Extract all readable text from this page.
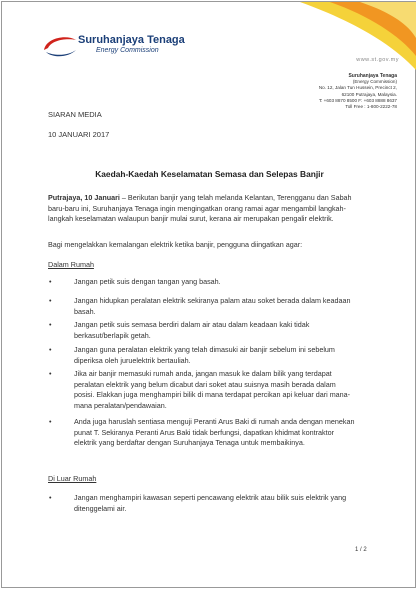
Suruhanjaya Tenaga
Energy Commission
www.st.gov.my
Suruhanjaya Tenaga
(Energy Commission)
No. 12, Jalan Tun Hussein, Precinct 2,
62100 Putrajaya, Malaysia.
T: +603 8870 8500 F: +603 8888 8637
Toll Free : 1-800-2222-78
SIARAN MEDIA
10 JANUARI 2017
Kaedah-Kaedah Keselamatan Semasa dan Selepas Banjir
Putrajaya, 10 Januari – Berikutan banjir yang telah melanda Kelantan, Terengganu dan Sabah
baru-baru ini, Suruhanjaya Tenaga ingin mengingatkan orang ramai agar mengambil langkah-
langkah keselamatan walaupun banjir mulai surut, kerana air merupakan pengalir elektrik.
Bagi mengelakkan kemalangan elektrik ketika banjir, pengguna diingatkan agar:
Dalam Rumah
•	Jangan petik suis dengan tangan yang basah.
•	Jangan hidupkan peralatan elektrik sekiranya palam atau soket berada dalam keadaan
basah.
•	Jangan petik suis semasa berdiri dalam air atau dalam keadaan kaki tidak
berkasut/berlapik getah.
•	Jangan guna peralatan elektrik yang telah dimasuki air banjir sebelum ini sebelum
diperiksa oleh juruelektrik bertauliah.
•	Jika air banjir memasuki rumah anda, jangan masuk ke dalam bilik yang terdapat
peralatan elektrik yang belum dicabut dari soket atau suisnya masih berada dalam
posisi. Elakkan juga menghampiri bilik di mana terdapat percikan api keluar dari mana-
mana peralatan/pendawaian.
•	Anda juga haruslah sentiasa menguji Peranti Arus Baki di rumah anda dengan menekan
punat T. Sekiranya Peranti Arus Baki tidak berfungsi, dapatkan khidmat kontraktor
elektrik yang berdaftar dengan Suruhanjaya Tenaga untuk membaikinya.
Di Luar Rumah
•	Jangan menghampiri kawasan seperti pencawang elektrik atau bilik suis elektrik yang
ditenggelami air.
1 / 2
